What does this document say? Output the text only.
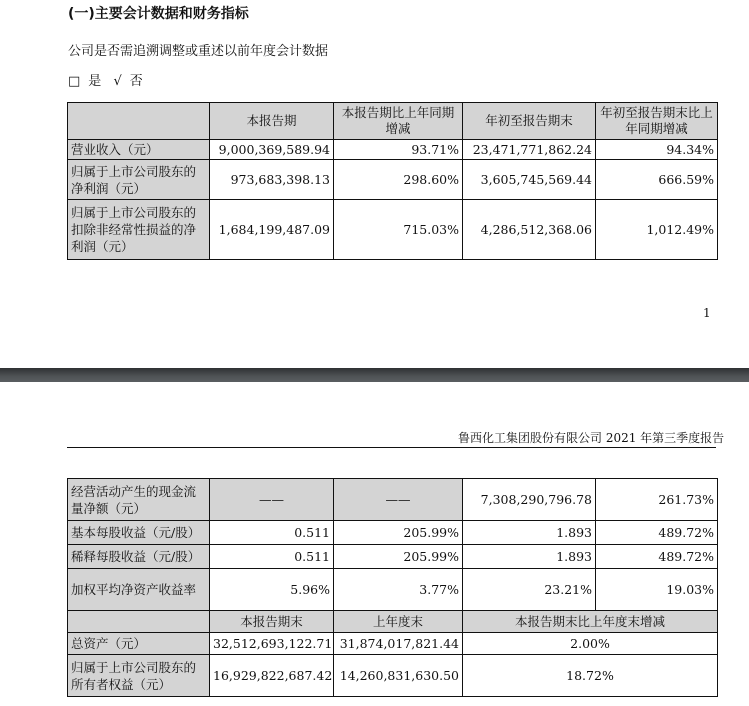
(一)主要会计数据和财务指标
公司是否需追溯调整或重述以前年度会计数据
□ 是 √ 否
	本报告期	本报告期比上年同期增减	年初至报告期末	年初至报告期末比上年同期增减
营业收入（元）	9,000,369,589.94	93.71%	23,471,771,862.24	94.34%
归属于上市公司股东的净利润（元）	973,683,398.13	298.60%	3,605,745,569.44	666.59%
归属于上市公司股东的扣除非经常性损益的净利润（元）	1,684,199,487.09	715.03%	4,286,512,368.06	1,012.49%
1
鲁西化工集团股份有限公司 2021 年第三季度报告
经营活动产生的现金流量净额（元）	——	——	7,308,290,796.78	261.73%
基本每股收益（元/股）	0.511	205.99%	1.893	489.72%
稀释每股收益（元/股）	0.511	205.99%	1.893	489.72%
加权平均净资产收益率	5.96%	3.77%	23.21%	19.03%
	本报告期末	上年度末	本报告期末比上年度末增减	
总资产（元）	32,512,693,122.71	31,874,017,821.44	2.00%	
归属于上市公司股东的所有者权益（元）	16,929,822,687.42	14,260,831,630.50	18.72%	
